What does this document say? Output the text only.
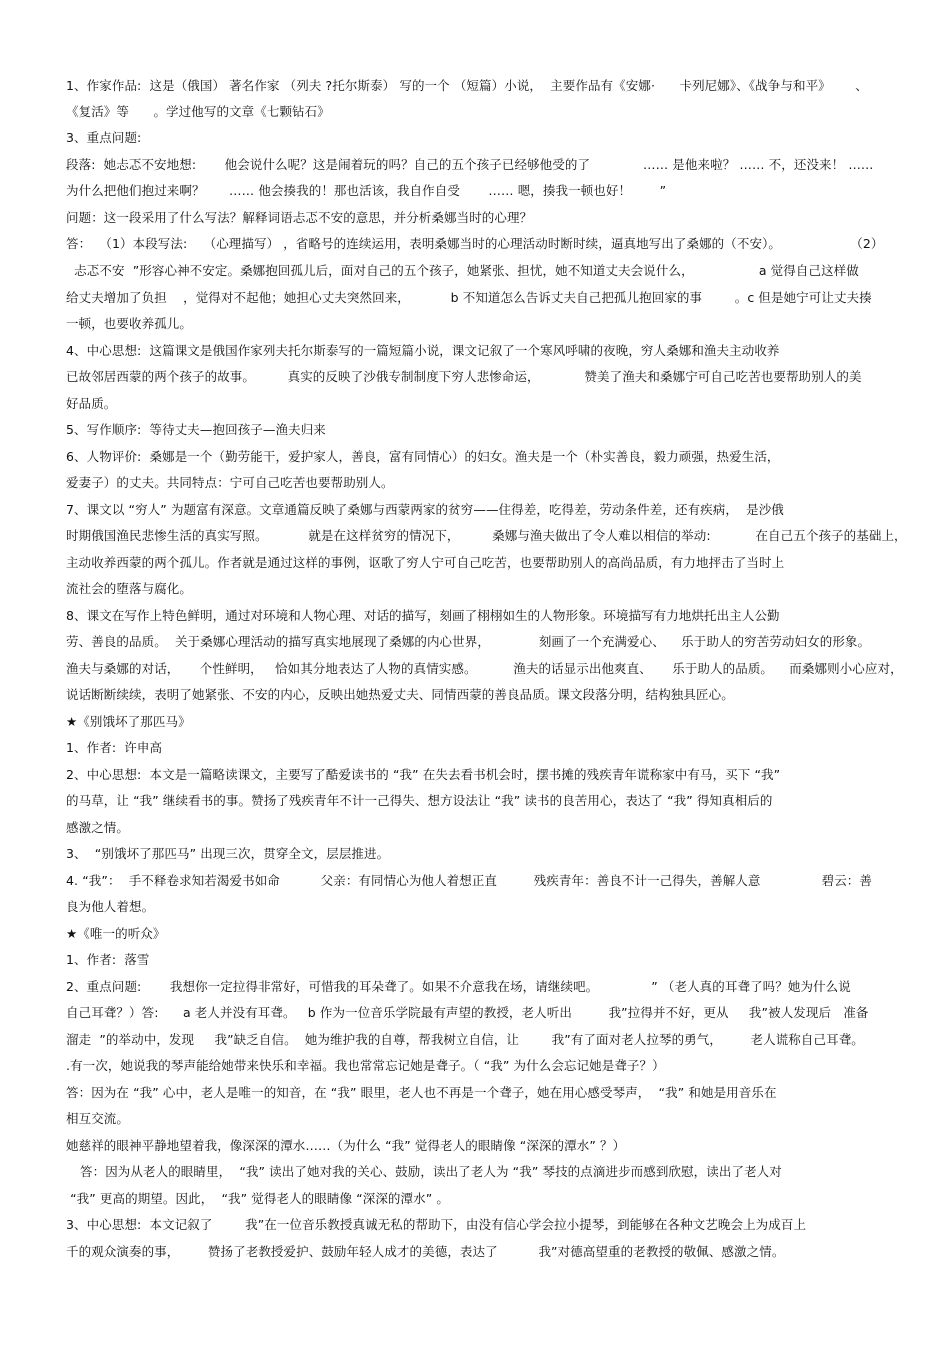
1、作家作品:  这是（俄国） 著名作家 （列夫 ?托尔斯泰） 写的一个 （短篇）小说，  主要作品有《安娜·      卡列尼娜》、《战争与和平》      、
《复活》等      。学过他写的文章《七颗钻石》
3、重点问题:
段落:  她忐忑不安地想:       他会说什么呢？这是闹着玩的吗？自己的五个孩子已经够他受的了             …… 是他来啦？ …… 不，还没来！ ……
为什么把他们抱过来啊？      …… 他会揍我的！那也活该，我自作自受       …… 嗯，揍我一顿也好！       ”
问题：这一段采用了什么写法？解释词语忐忑不安的意思，并分析桑娜当时的心理？
答：  （1）本段写法:    （心理描写） ，省略号的连续运用，表明桑娜当时的心理活动时断时续，逼真地写出了桑娜的（不安）。                 （2）
忐忑不安  ”形容心神不安定。桑娜抱回孤儿后，面对自己的五个孩子，她紧张、担忧，她不知道丈夫会说什么，                a 觉得自己这样做
给丈夫增加了负担    ，觉得对不起他；她担心丈夫突然回来，          b 不知道怎么告诉丈夫自己把孤儿抱回家的事        。c 但是她宁可让丈夫揍
一顿，也要收养孤儿。
4、中心思想:  这篇课文是俄国作家列夫托尔斯泰写的一篇短篇小说，课文记叙了一个寒风呼啸的夜晚，穷人桑娜和渔夫主动收养
已故邻居西蒙的两个孩子的故事。        真实的反映了沙俄专制制度下穷人悲惨命运，           赞美了渔夫和桑娜宁可自己吃苦也要帮助别人的美
好品质。
5、写作顺序:  等待丈夫—抱回孩子—渔夫归来
6、人物评价:  桑娜是一个（勤劳能干，爱护家人，善良，富有同情心）的妇女。渔夫是一个（朴实善良，毅力顽强，热爱生活，
爱妻子）的丈夫。共同特点：宁可自己吃苦也要帮助别人。
7、课文以 “穷人” 为题富有深意。文章通篇反映了桑娜与西蒙两家的贫穷——住得差，吃得差，劳动条件差，还有疾病，  是沙俄
时期俄国渔民悲惨生活的真实写照。          就是在这样贫穷的情况下，        桑娜与渔夫做出了令人难以相信的举动:           在自己五个孩子的基础上，
主动收养西蒙的两个孤儿。作者就是通过这样的事例，讴歌了穷人宁可自己吃苦，也要帮助别人的高尚品质，有力地抨击了当时上
流社会的堕落与腐化。
8、课文在写作上特色鲜明，通过对环境和人物心理、对话的描写，刻画了栩栩如生的人物形象。环境描写有力地烘托出主人公勤
劳、善良的品质。  关于桑娜心理活动的描写真实地展现了桑娜的内心世界，            刻画了一个充满爱心、    乐于助人的穷苦劳动妇女的形象。
渔夫与桑娜的对话，     个性鲜明，   恰如其分地表达了人物的真情实感。         渔夫的话显示出他爽直、     乐于助人的品质。    而桑娜则小心应对，
说话断断续续，表明了她紧张、不安的内心，反映出她热爱丈夫、同情西蒙的善良品质。课文段落分明，结构独具匠心。
★《别饿坏了那匹马》
1、作者:  许申高
2、中心思想:  本文是一篇略读课文，主要写了酷爱读书的 “我” 在失去看书机会时，摆书摊的残疾青年谎称家中有马，买下 “我”
的马草，让 “我” 继续看书的事。赞扬了残疾青年不计一己得失、想方设法让 “我” 读书的良苦用心，表达了 “我” 得知真相后的
感激之情。
3、  “别饿坏了那匹马” 出现三次，贯穿全文，层层推进。
4. “我”：  手不释卷求知若渴爱书如命          父亲：有同情心为他人着想正直         残疾青年：善良不计一己得失，善解人意               碧云：善
良为他人着想。
★《唯一的听众》
1、作者:  落雪
2、重点问题:       我想你一定拉得非常好，可惜我的耳朵聋了。如果不介意我在场，请继续吧。             ” （老人真的耳聋了吗？她为什么说
自己耳聋？）答:      a 老人并没有耳聋。   b 作为一位音乐学院最有声望的教授，老人听出         我”拉得并不好，更从     我”被人发现后   准备
溜走  ”的举动中，发现     我”缺乏自信。  她为维护我的自尊，帮我树立自信，让        我”有了面对老人拉琴的勇气，       老人谎称自己耳聋。
.有一次，她说我的琴声能给她带来快乐和幸福。我也常常忘记她是聋子。（ “我” 为什么会忘记她是聋子？）
答：因为在 “我” 心中，老人是唯一的知音，在 “我” 眼里，老人也不再是一个聋子，她在用心感受琴声，  “我” 和她是用音乐在
相互交流。
她慈祥的眼神平静地望着我，像深深的潭水……（为什么 “我” 觉得老人的眼睛像 “深深的潭水” ？）
答：因为从老人的眼睛里，  “我” 读出了她对我的关心、鼓励，读出了老人为 “我” 琴技的点滴进步而感到欣慰，读出了老人对
“我” 更高的期望。因此，  “我” 觉得老人的眼睛像 “深深的潭水” 。
3、中心思想:  本文记叙了        我”在一位音乐教授真诚无私的帮助下，由没有信心学会拉小提琴，到能够在各种文艺晚会上为成百上
千的观众演奏的事，       赞扬了老教授爱护、鼓励年轻人成才的美德，表达了          我”对德高望重的老教授的敬佩、感激之情。
